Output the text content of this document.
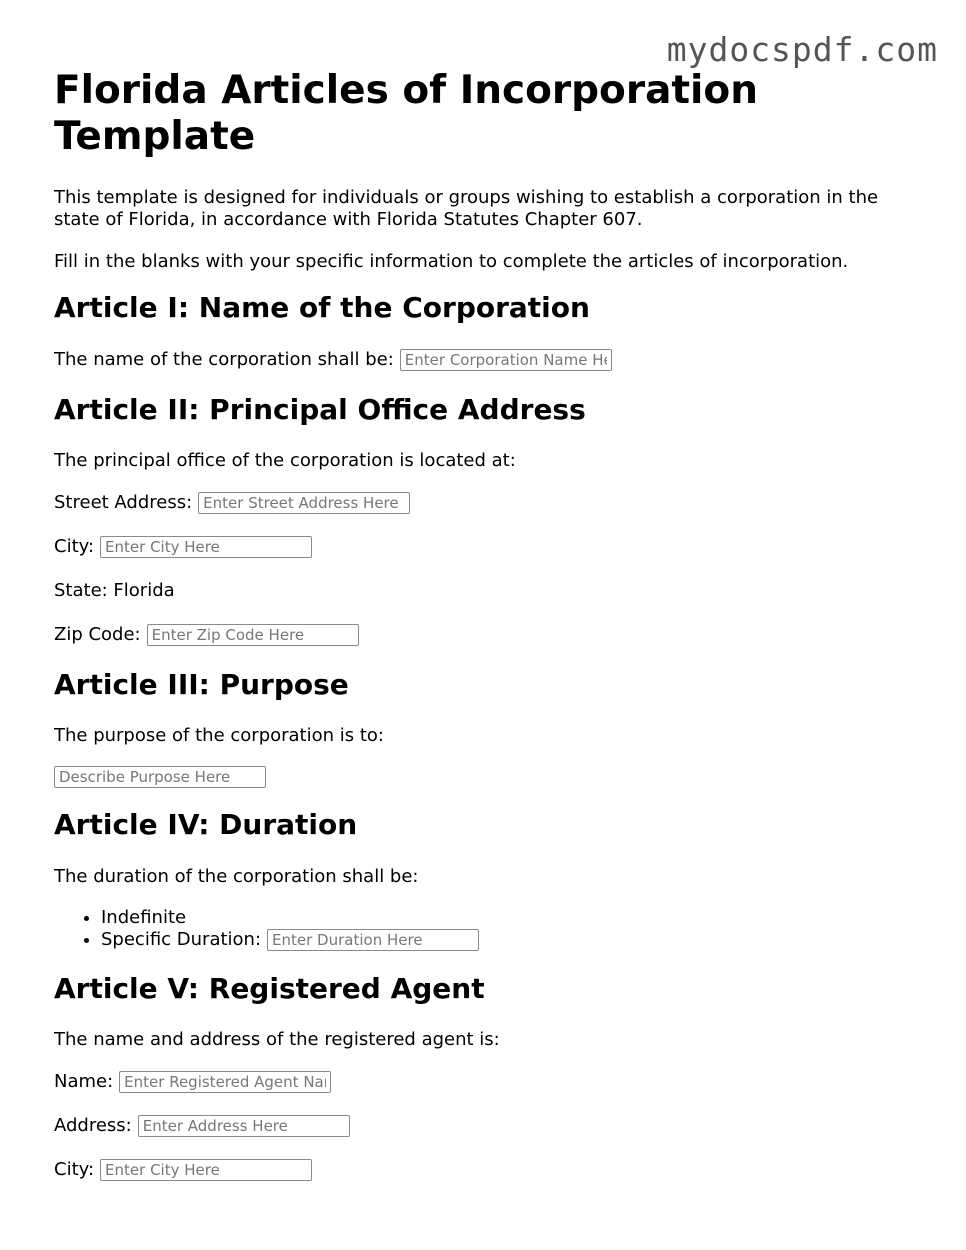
mydocspdf.com
Florida Articles of Incorporation Template

This template is designed for individuals or groups wishing to establish a corporation in the state of Florida, in accordance with Florida Statutes Chapter 607.

Fill in the blanks with your specific information to complete the articles of incorporation.

Article I: Name of the Corporation
The name of the corporation shall be:
Enter Corporation Name Here
Article II: Principal Office Address

The principal office of the corporation is located at:

Street Address:
Enter Street Address Here
City:
Enter City Here

State: Florida

Zip Code:
Enter Zip Code Here
Article III: Purpose

The purpose of the corporation is to:

Describe Purpose Here
Article IV: Duration

The duration of the corporation shall be:

• Indefinite
• Specific Duration:
Enter Duration Here
Article V: Registered Agent

The name and address of the registered agent is:

Name:
Enter Registered Agent Name
Address:
Enter Address Here
City:
Enter City Here
